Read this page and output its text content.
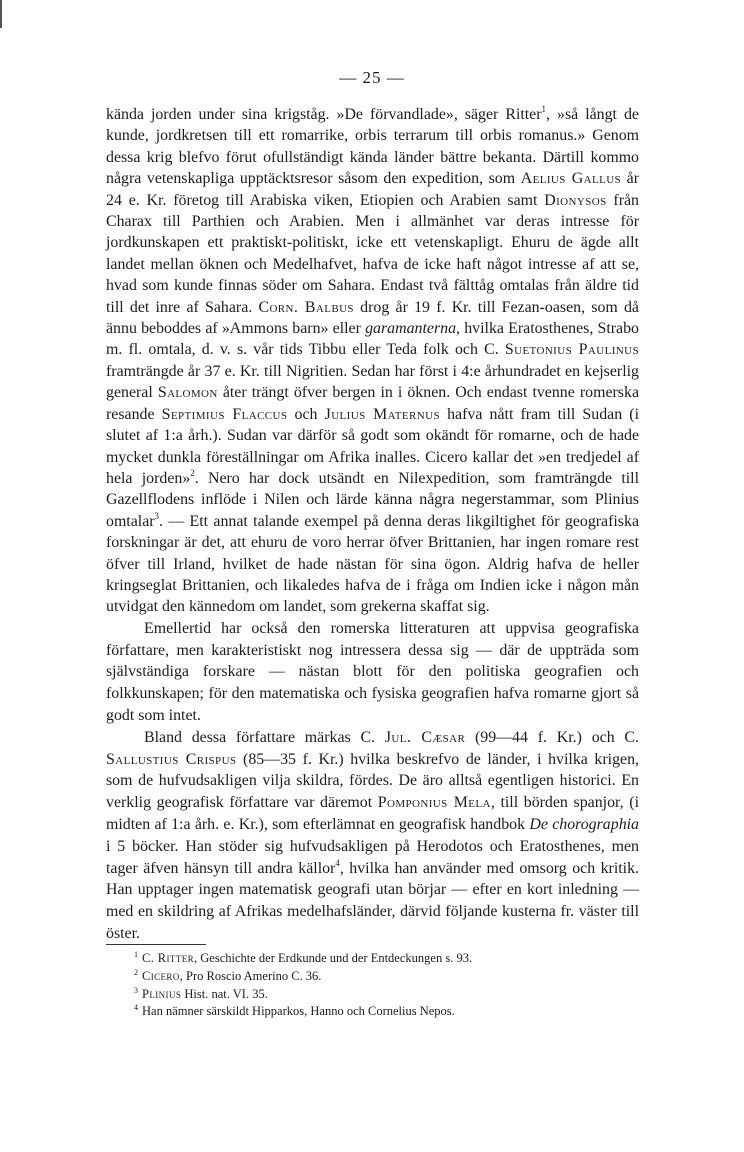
— 25 —

kända jorden under sina krigståg. »De förvandlade», säger Ritter$^1$, »så långt de kunde, jordkretsen till ett romarrike, orbis terrarum till orbis romanus.» Genom dessa krig blefvo förut ofullständigt kända länder bättre bekanta. Därtill kommo några vetenskapliga upptäcktsresor såsom den expedition, som Aelius Gallus år 24 e. Kr. företog till Arabiska viken, Etiopien och Arabien samt Dionysos från Charax till Parthien och Arabien. Men i allmänhet var deras intresse för jordkunskapen ett praktiskt-politiskt, icke ett vetenskapligt. Ehuru de ägde allt landet mellan öknen och Medelhafvet, hafva de icke haft något intresse af att se, hvad som kunde finnas söder om Sahara. Endast två fälttåg omtalas från äldre tid till det inre af Sahara. Corn. Balbus drog år 19 f. Kr. till Fezan-oasen, som då ännu beboddes af »Ammons barn» eller garamanterna, hvilka Eratosthenes, Strabo m. fl. omtala, d. v. s. vår tids Tibbu eller Teda folk och C. Suetonius Paulinus framträngde år 37 e. Kr. till Nigritien. Sedan har först i 4:e århundradet en kejserlig general Salomon åter trängt öfver bergen in i öknen. Och endast tvenne romerska resande Septimius Flaccus och Julius Maternus hafva nått fram till Sudan (i slutet af 1:a årh.). Sudan var därför så godt som okändt för romarne, och de hade mycket dunkla föreställningar om Afrika inalles. Cicero kallar det »en tredjedel af hela jorden»$^2$. Nero har dock utsändt en Nilexpedition, som framträngde till Gazellflodens inflöde i Nilen och lärde känna några negerstammar, som Plinius omtalar$^3$. — Ett annat talande exempel på denna deras likgiltighet för geografiska forskningar är det, att ehuru de voro herrar öfver Brittanien, har ingen romare rest öfver till Irland, hvilket de hade nästan för sina ögon. Aldrig hafva de heller kringseglat Brittanien, och likaledes hafva de i fråga om Indien icke i någon mån utvidgat den kännedom om landet, som grekerna skaffat sig.

Emellertid har också den romerska litteraturen att uppvisa geografiska författare, men karakteristiskt nog intressera dessa sig — där de uppträda som självständiga forskare — nästan blott för den politiska geografien och folkkunskapen; för den matematiska och fysiska geografien hafva romarne gjort så godt som intet.

Bland dessa författare märkas C. Jul. Cæsar (99—44 f. Kr.) och C. Sallustius Crispus (85—35 f. Kr.) hvilka beskrefvo de länder, i hvilka krigen, som de hufvudsakligen vilja skildra, fördes. De äro alltså egentligen historici. En verklig geografisk författare var däremot Pomponius Mela, till börden spanjor, (i midten af 1:a årh. e. Kr.), som efterlämnat en geografisk handbok De chorographia i 5 böcker. Han stöder sig hufvudsakligen på Herodotos och Eratosthenes, men tager äfven hänsyn till andra källor$^4$, hvilka han använder med omsorg och kritik. Han upptager ingen matematisk geografi utan börjar — efter en kort inledning — med en skildring af Afrikas medelhafsländer, därvid följande kusterna fr. väster till öster.

$^1$ C. Ritter, Geschichte der Erdkunde und der Entdeckungen s. 93.
$^2$ Cicero, Pro Roscio Amerino C. 36.
$^3$ Plinius Hist. nat. VI. 35.
$^4$ Han nämner särskildt Hipparkos, Hanno och Cornelius Nepos.
